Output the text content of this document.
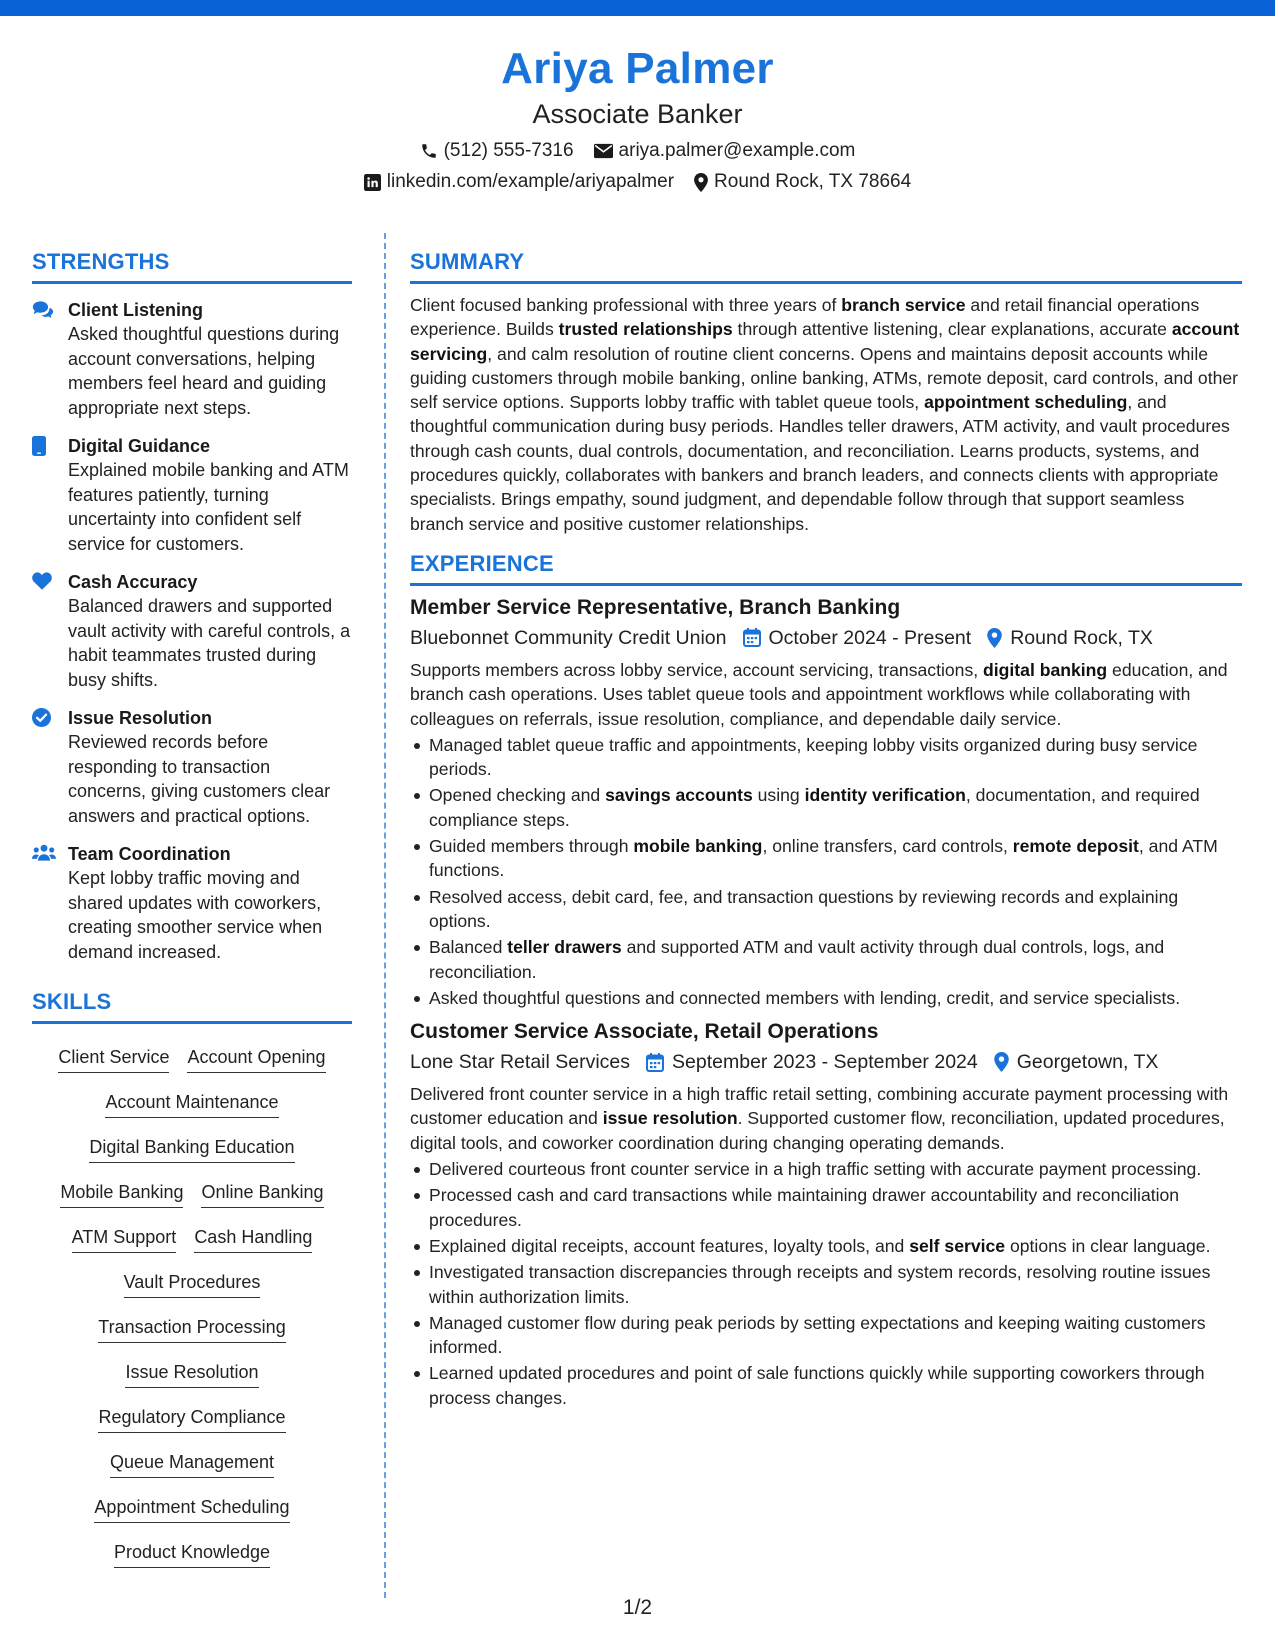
Ariya Palmer
Associate Banker
(512) 555-7316 ariya.palmer@example.com
linkedin.com/example/ariyapalmer Round Rock, TX 78664
STRENGTHS
Client Listening
Asked thoughtful questions during account conversations, helping members feel heard and guiding appropriate next steps.
Digital Guidance
Explained mobile banking and ATM features patiently, turning uncertainty into confident self service for customers.
Cash Accuracy
Balanced drawers and supported vault activity with careful controls, a habit teammates trusted during busy shifts.
Issue Resolution
Reviewed records before responding to transaction concerns, giving customers clear answers and practical options.
Team Coordination
Kept lobby traffic moving and shared updates with coworkers, creating smoother service when demand increased.
SKILLS
Client Service Account Opening
Account Maintenance
Digital Banking Education
Mobile Banking Online Banking
ATM Support Cash Handling
Vault Procedures
Transaction Processing
Issue Resolution
Regulatory Compliance
Queue Management
Appointment Scheduling
Product Knowledge
SUMMARY

Client focused banking professional with three years of branch service and retail financial operations experience. Builds trusted relationships through attentive listening, clear explanations, accurate account servicing, and calm resolution of routine client concerns. Opens and maintains deposit accounts while guiding customers through mobile banking, online banking, ATMs, remote deposit, card controls, and other self service options. Supports lobby traffic with tablet queue tools, appointment scheduling, and thoughtful communication during busy periods. Handles teller drawers, ATM activity, and vault procedures through cash counts, dual controls, documentation, and reconciliation. Learns products, systems, and procedures quickly, collaborates with bankers and branch leaders, and connects clients with appropriate specialists. Brings empathy, sound judgment, and dependable follow through that support seamless branch service and positive customer relationships.

EXPERIENCE
Member Service Representative, Branch Banking
Bluebonnet Community Credit Union October 2024 - Present Round Rock, TX

Supports members across lobby service, account servicing, transactions, digital banking education, and branch cash operations. Uses tablet queue tools and appointment workflows while collaborating with colleagues on referrals, issue resolution, compliance, and dependable daily service.

Managed tablet queue traffic and appointments, keeping lobby visits organized during busy service periods.
Opened checking and savings accounts using identity verification, documentation, and required compliance steps.
Guided members through mobile banking, online transfers, card controls, remote deposit, and ATM functions.
Resolved access, debit card, fee, and transaction questions by reviewing records and explaining options.
Balanced teller drawers and supported ATM and vault activity through dual controls, logs, and reconciliation.
Asked thoughtful questions and connected members with lending, credit, and service specialists.
Customer Service Associate, Retail Operations
Lone Star Retail Services September 2023 - September 2024 Georgetown, TX

Delivered front counter service in a high traffic retail setting, combining accurate payment processing with customer education and issue resolution. Supported customer flow, reconciliation, updated procedures, digital tools, and coworker coordination during changing operating demands.

Delivered courteous front counter service in a high traffic setting with accurate payment processing.
Processed cash and card transactions while maintaining drawer accountability and reconciliation procedures.
Explained digital receipts, account features, loyalty tools, and self service options in clear language.
Investigated transaction discrepancies through receipts and system records, resolving routine issues within authorization limits.
Managed customer flow during peak periods by setting expectations and keeping waiting customers informed.
Learned updated procedures and point of sale functions quickly while supporting coworkers through process changes.
1/2
